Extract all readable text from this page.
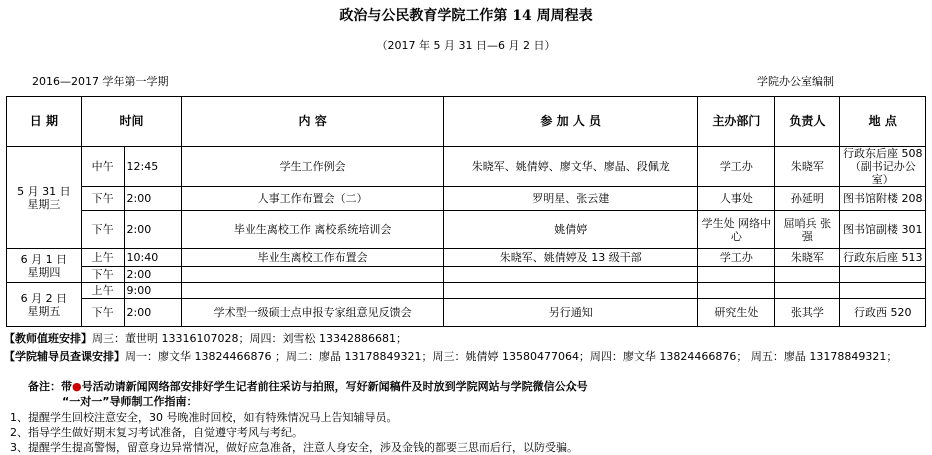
政治与公民教育学院工作第 14 周周程表
（2017 年 5 月 31 日—6 月 2 日）
2016—2017 学年第一学期	学院办公室编制
日 期	时间		内 容	参 加 人 员	主办部门	负责人	地 点
5 月 31 日
星期三	中午	12:45	学生工作例会	朱晓军、姚倩婷、廖文华、廖晶、段佩龙	学工办	朱晓军	行政东后座 508（副书记办公室）
	下午	2:00	人事工作布置会（二）	罗明星、张云建	人事处	孙延明	图书馆附楼 208
	下午	2:00	毕业生离校工作 离校系统培训会	姚倩婷	学生处 网络中心	屈哨兵 张 强	图书馆副楼 301
6 月 1 日
星期四	上午	10:40	毕业生离校工作布置会	朱晓军、姚倩婷及 13 级干部	学工办	朱晓军	行政东后座 513
	下午	2:00					
6 月 2 日
星期五	上午	9:00					
	下午	2:00	学术型一级硕士点申报专家组意见反馈会	另行通知	研究生处	张其学	行政西 520
【教师值班安排】周三：董世明 13316107028；周四：刘雪松 13342886681；
【学院辅导员查课安排】周一：廖文华 13824466876 ；周二：廖晶 13178849321；周三：姚倩婷 13580477064；周四：廖文华 13824466876； 周五：廖晶 13178849321；
备注：带●号活动请新闻网络部安排好学生记者前往采访与拍照，写好新闻稿件及时放到学院网站与学院微信公众号
“一对一”导师制工作指南：
1、提醒学生回校注意安全，30 号晚准时回校，如有特殊情况马上告知辅导员。
2、指导学生做好期末复习考试准备，自觉遵守考风与考纪。
3、提醒学生提高警惕，留意身边异常情况，做好应急准备，注意人身安全，涉及金钱的都要三思而后行，以防受骗。
